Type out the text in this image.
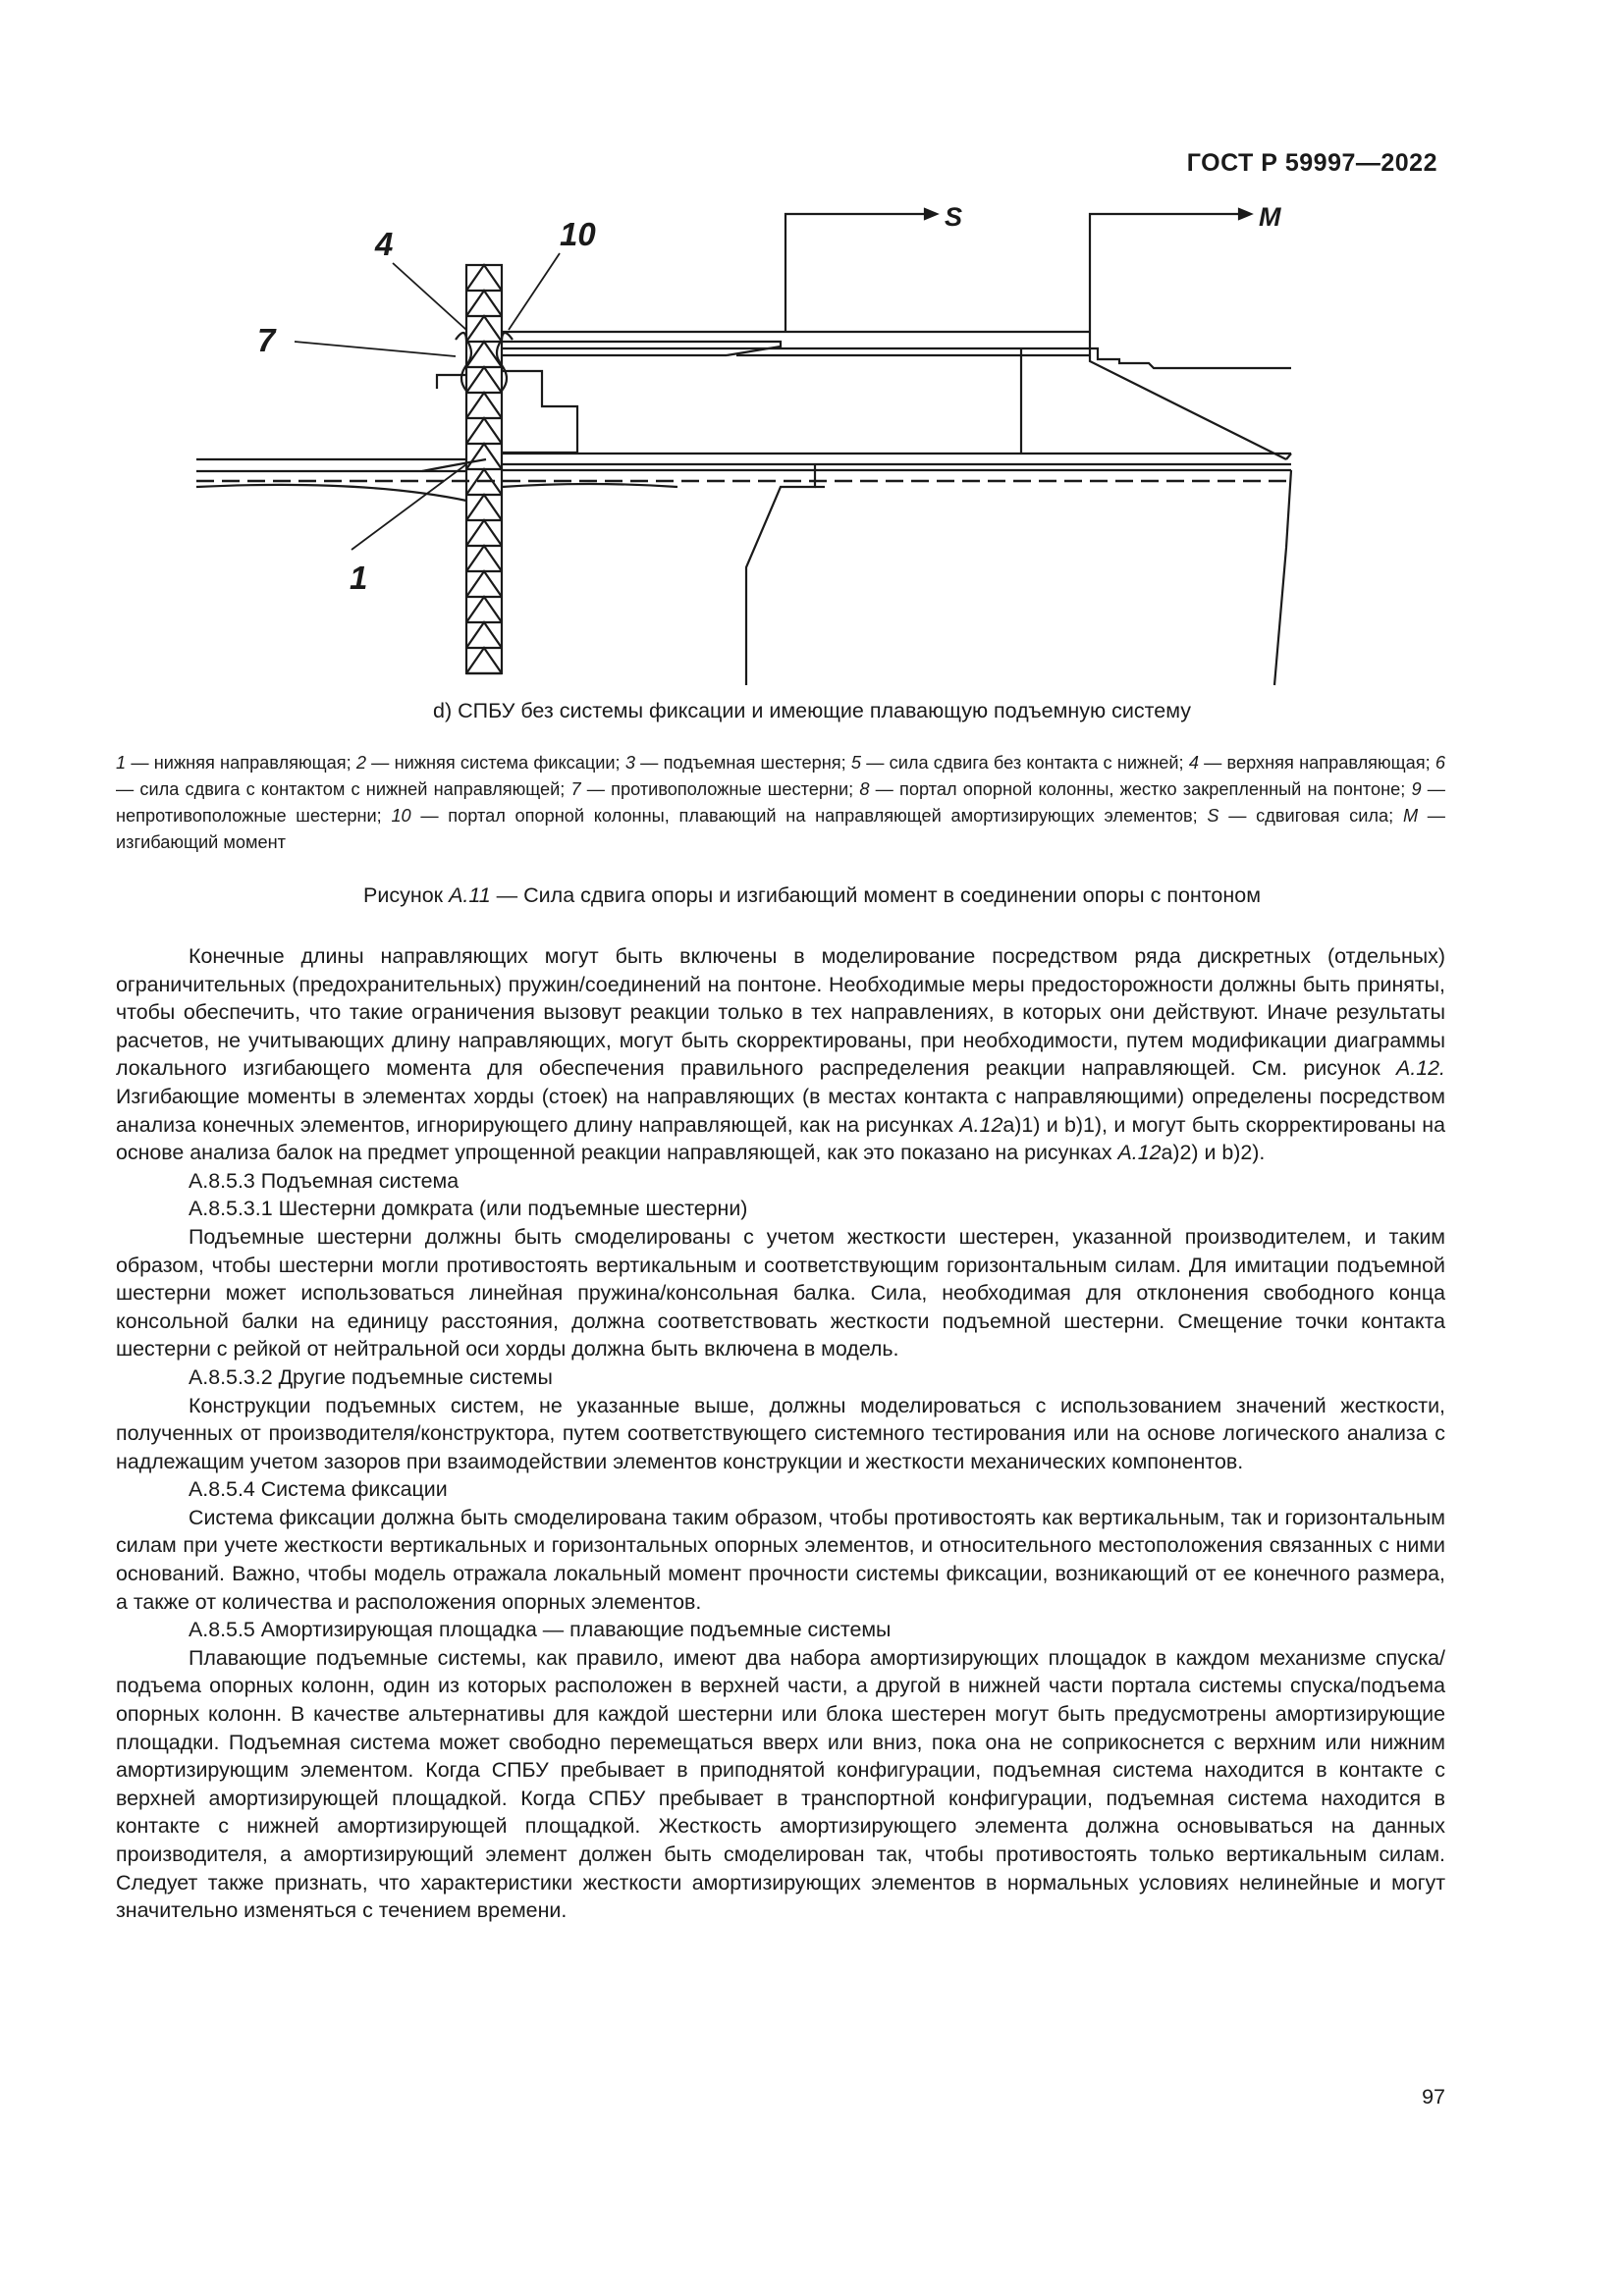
ГОСТ Р 59997—2022
4	10
7
1
S	M
d) СПБУ без системы фиксации и имеющие плавающую подъемную систему
1 — нижняя направляющая; 2 — нижняя система фиксации; 3 — подъемная шестерня; 5 — сила сдвига без контакта с нижней; 4 — верхняя направляющая; 6 — сила сдвига с контактом с нижней направляющей; 7 — противоположные шестерни; 8 — портал опорной колонны, жестко закрепленный на понтоне; 9 — непротивоположные шестерни; 10 — портал опорной колонны, плавающий на направляющей амортизирующих элементов; S — сдвиговая сила; M — изгибающий момент
Рисунок А.11 — Сила сдвига опоры и изгибающий момент в соединении опоры с понтоном

Конечные длины направляющих могут быть включены в моделирование посредством ряда дискретных (отдельных) ограничительных (предохранительных) пружин/соединений на понтоне. Необходимые меры предосторожности должны быть приняты, чтобы обеспечить, что такие ограничения вызовут реакции только в тех направлениях, в которых они действуют. Иначе результаты расчетов, не учитывающих длину направляющих, могут быть скорректированы, при необходимости, путем модификации диаграммы локального изгибающего момента для обеспечения правильного распределения реакции направляющей. См. рисунок А.12. Изгибающие моменты в элементах хорды (стоек) на направляющих (в местах контакта с направляющими) определены посредством анализа конечных элементов, игнорирующего длину направляющей, как на рисунках А.12а)1) и b)1), и могут быть скорректированы на основе анализа балок на предмет упрощенной реакции направляющей, как это показано на рисунках А.12а)2) и b)2).

А.8.5.3 Подъемная система

А.8.5.3.1 Шестерни домкрата (или подъемные шестерни)

Подъемные шестерни должны быть смоделированы с учетом жесткости шестерен, указанной производителем, и таким образом, чтобы шестерни могли противостоять вертикальным и соответствующим горизонтальным силам. Для имитации подъемной шестерни может использоваться линейная пружина/консольная балка. Сила, необходимая для отклонения свободного конца консольной балки на единицу расстояния, должна соответствовать жесткости подъемной шестерни. Смещение точки контакта шестерни с рейкой от нейтральной оси хорды должна быть включена в модель.

А.8.5.3.2 Другие подъемные системы

Конструкции подъемных систем, не указанные выше, должны моделироваться с использованием значений жесткости, полученных от производителя/конструктора, путем соответствующего системного тестирования или на основе логического анализа с надлежащим учетом зазоров при взаимодействии элементов конструкции и жесткости механических компонентов.

А.8.5.4 Система фиксации

Система фиксации должна быть смоделирована таким образом, чтобы противостоять как вертикальным, так и горизонтальным силам при учете жесткости вертикальных и горизонтальных опорных элементов, и относительного местоположения связанных с ними оснований. Важно, чтобы модель отражала локальный момент прочности системы фиксации, возникающий от ее конечного размера, а также от количества и расположения опорных элементов.

А.8.5.5 Амортизирующая площадка — плавающие подъемные системы

Плавающие подъемные системы, как правило, имеют два набора амортизирующих площадок в каждом механизме спуска/подъема опорных колонн, один из которых расположен в верхней части, а другой в нижней части портала системы спуска/подъема опорных колонн. В качестве альтернативы для каждой шестерни или блока шестерен могут быть предусмотрены амортизирующие площадки. Подъемная система может свободно перемещаться вверх или вниз, пока она не соприкоснется с верхним или нижним амортизирующим элементом. Когда СПБУ пребывает в приподнятой конфигурации, подъемная система находится в контакте с верхней амортизирующей площадкой. Когда СПБУ пребывает в транспортной конфигурации, подъемная система находится в контакте с нижней амортизирующей площадкой. Жесткость амортизирующего элемента должна основываться на данных производителя, а амортизирующий элемент должен быть смоделирован так, чтобы противостоять только вертикальным силам. Следует также признать, что характеристики жесткости амортизирующих элементов в нормальных условиях нелинейные и могут значительно изменяться с течением времени.

97
